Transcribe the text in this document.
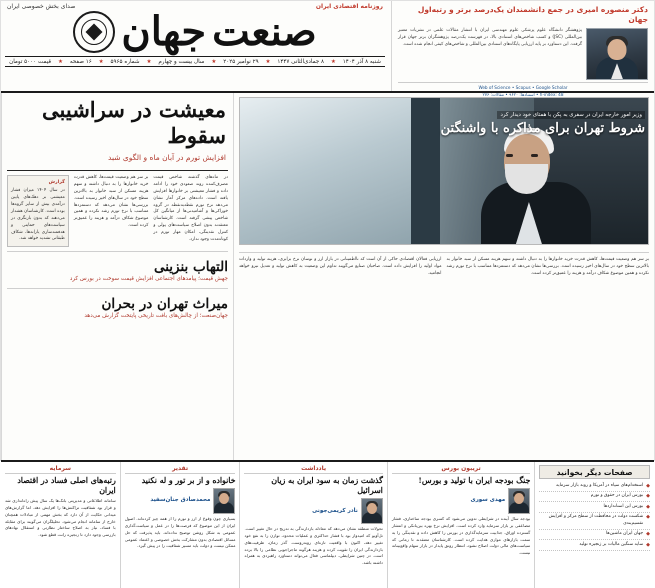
دکتر منصوره امیری در جمع دانشمندان یک‌درصد برتر و رتبه‌اول جهان
پژوهشگر دانشگاه علوم پزشکی علوم مهندسی ایران با انتشار مقالات علمی در نشریات معتبر بین‌المللی (JSC) و کسب شاخص‌های استنادی بالا، در فهرست یک‌درصد پژوهشگران برتر جهان قرار گرفت. این دستاورد بر پایه ارزیابی پایگاه‌های استنادی بین‌المللی و شاخص‌های کیفی انجام شده است.
Web of Science • Scopus • Google Scholar
h-index: 48 • استنادها: ۹۶۲۰ • مقالات: ۲۷۶
روزنامه اقتصادی ایران
صدای بخش خصوصی ایران
صنعت
جهان
شنبه ۸ آذر ۱۴۰۴
★
۸ جمادی‌الثانی ۱۴۴۷
★
۲۹ نوامبر ۲۰۲۵
★
سال بیست و چهارم
★
شماره ۵۹۶۵
★
۱۶ صفحه
★
قیمت ۵۰۰۰ تومان
وزیر امور خارجه ایران در سفری به پکن با همتای خود دیدار کرد
شروط تهران برای مذاکره با واشنگتن
بر سر هم وضعیت قیمت‌ها، کاهش قدرت خرید خانوارها را به دنبال داشته و سهم هزینه مسکن از سبد خانوار به بالاترین سطح خود در سال‌های اخیر رسیده است. بررسی‌ها نشان می‌دهد که دستمزدها متناسب با نرخ تورم رشد نکرده و همین موضوع شکاف درآمد و هزینه را عمیق‌تر کرده است.
ارزیابی فعالان اقتصادی حاکی از آن است که نااطمینانی در بازار ارز و نوسان نرخ برابری، هزینه تولید و واردات مواد اولیه را افزایش داده است. صاحبان صنایع می‌گویند تداوم این وضعیت به کاهش تولید و تعدیل نیرو خواهد انجامید.
معیشت در سراشیبی سقوط
افزایش تورم در آبان ماه و الگوی شبد
در ماه‌های گذشته شاخص قیمت مصرف‌کننده روند صعودی خود را ادامه داده و فشار معیشتی بر خانوارها افزایش یافته است. داده‌های مرکز آمار نشان می‌دهد نرخ تورم نقطه‌به‌نقطه در گروه خوراکی‌ها و آشامیدنی‌ها از میانگین کل شاخص پیشی گرفته است. کارشناسان معتقدند بدون اصلاح سیاست‌های پولی و کنترل نقدینگی، امکان مهار تورم در کوتاه‌مدت وجود ندارد.
بر سر هم وضعیت قیمت‌ها، کاهش قدرت خرید خانوارها را به دنبال داشته و سهم هزینه مسکن از سبد خانوار به بالاترین سطح خود در سال‌های اخیر رسیده است. بررسی‌ها نشان می‌دهد که دستمزدها متناسب با نرخ تورم رشد نکرده و همین موضوع شکاف درآمد و هزینه را عمیق‌تر کرده است.
گزارش
در سال ۱۴۰۴ میزان فشار معیشتی بر دهک‌های پایین درآمدی بیش از سایر گروه‌ها بوده است. کارشناسان هشدار می‌دهند که بدون بازنگری در سیاست‌های حمایتی و هدفمندسازی یارانه‌ها، شکاف طبقاتی تشدید خواهد شد.
التهاب بنزینی
جهش قیمت؛ پیامدهای اجتماعی افزایش قیمت سوخت در بورس کرد
میراث تهران در بحران
جهان‌صنعت؛ از چالش‌های بافت تاریخی پایتخت گزارش می‌دهد
صفحات دیگر بخوانید
◆
استخدام‌های سپاه در آمریکا و روند بازار سرمایه
◆
بورس ایران در حقوق و تورم
◆
بورس این استانداردها
◆
شکست دولت در محافظت از سطح مرکز و افزایش تقسیم‌بندی
◆
جهان ایران ماشین‌ها
◆
سایه سنگین مالیات بر زنجیره تولید
تریبون بورس
جنگ بودجه ایران با تولید و بورس!
مهدی سوری
بودجه سال آینده در شرایطی تدوین می‌شود که کسری بودجه ساختاری، فشار مضاعفی بر بازار سرمایه وارد کرده است. افزایش نرخ بهره بین‌بانکی و انتشار گسترده اوراق، جذابیت سرمایه‌گذاری در بورس را کاهش داده و نقدینگی را به سمت بازارهای موازی هدایت کرده است. کارشناسان معتقدند تا زمانی که سیاست‌های مالی دولت اصلاح نشود، انتظار رونق پایدار در بازار سهام واقع‌بینانه نیست.
یادداشت
گذشت زمان به سود ایران به زیان اسرائیل
نادر کریمی‌جونی
تحولات منطقه نشان می‌دهد که معادله بازدارندگی به تدریج در حال تغییر است. تل‌آویو که امیدوار بود با فشار حداکثری و عملیات محدود، توازن را به نفع خود تغییر دهد، اکنون با واقعیت تازه‌ای روبه‌روست. گذر زمان، ظرفیت‌های بازدارندگی ایران را تقویت کرده و هزینه هرگونه ماجراجویی نظامی را بالا برده است. در چنین شرایطی، دیپلماسی فعال می‌تواند دستاورد راهبردی به همراه داشته باشد.
تقدیر
خانواده و از بر تور و له نکنید
محمدصادق جنان‌سفید
بسیاری چون وقوع از ارز و تورم را از همه چیز کرده‌اند. اصول ایران از این موضوع که فرصت‌ها را در عمل و سیاست‌گذاری عمومی به شکل روشن توضیح نداده‌اند. باید پذیرفت که حل مسائل اقتصادی بدون مشارکت بخش خصوصی و اعتماد عمومی ممکن نیست و دولت باید مسیر شفافیت را در پیش گیرد.
سرمایه
رتبه‌های اصلی فساد در اقتصاد ایران
سامانه اطلاعاتی و مدیریتی بانک‌ها یک سال پیش راه‌اندازی شد و قرار بود شفافیت تراکنش‌ها را افزایش دهد. اما گزارش‌های میدانی حکایت از آن دارد که بخش مهمی از مبادلات همچنان خارج از سامانه انجام می‌شود. تحلیلگران می‌گویند برای مقابله با فساد، نیاز به اصلاح ساختار نظارتی و استقلال نهادهای بازرسی وجود دارد تا زنجیره رانت قطع شود.
